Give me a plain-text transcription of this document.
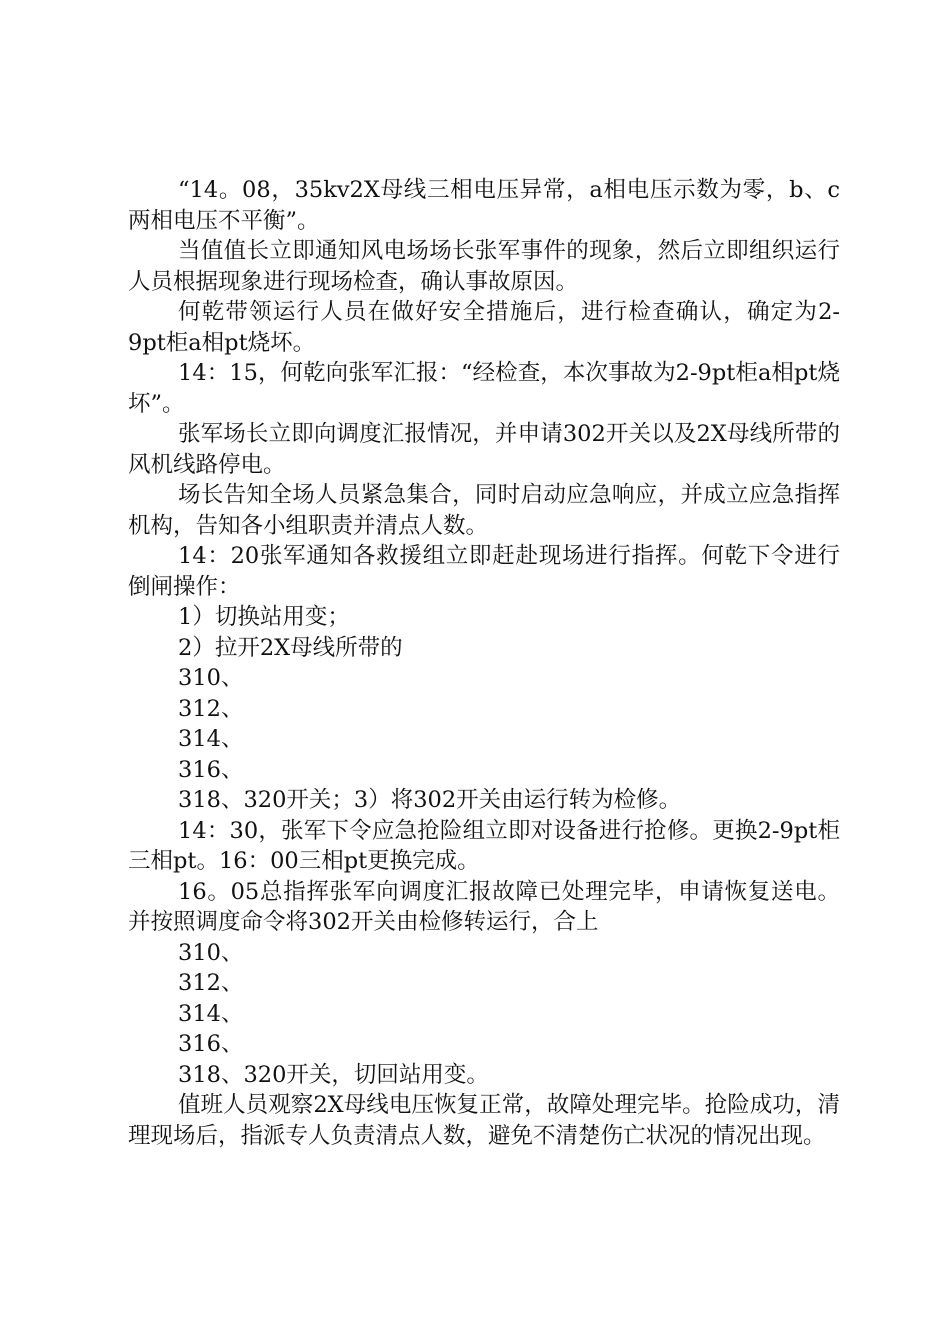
“14。08，35kv2X母线三相电压异常，a相电压示数为零，b、c两相电压不平衡”。

当值值长立即通知风电场场长张军事件的现象，然后立即组织运行人员根据现象进行现场检查，确认事故原因。

何乾带领运行人员在做好安全措施后，进行检查确认，确定为2-9pt柜a相pt烧坏。

14：15，何乾向张军汇报：“经检查，本次事故为2-9pt柜a相pt烧坏”。

张军场长立即向调度汇报情况，并申请302开关以及2X母线所带的风机线路停电。

场长告知全场人员紧急集合，同时启动应急响应，并成立应急指挥机构，告知各小组职责并清点人数。

14：20张军通知各救援组立即赶赴现场进行指挥。何乾下令进行倒闸操作：

1）切换站用变；

2）拉开2X母线所带的

310、

312、

314、

316、

318、320开关；3）将302开关由运行转为检修。

14：30，张军下令应急抢险组立即对设备进行抢修。更换2-9pt柜三相pt。16：00三相pt更换完成。

16。05总指挥张军向调度汇报故障已处理完毕，申请恢复送电。并按照调度命令将302开关由检修转运行，合上

310、

312、

314、

316、

318、320开关，切回站用变。

值班人员观察2X母线电压恢复正常，故障处理完毕。抢险成功，清理现场后，指派专人负责清点人数，避免不清楚伤亡状况的情况出现。
